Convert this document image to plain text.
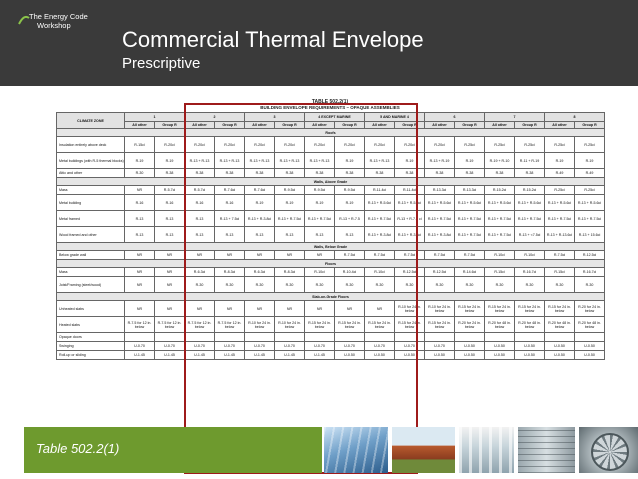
The Energy Code
Workshop
Commercial Thermal Envelope
Prescriptive
TABLE 502.2(1)
BUILDING ENVELOPE REQUIREMENTS – OPAQUE ASSEMBLIES
CLIMATE ZONE	1		2		3		4 EXCEPT MARINE		5 AND MARINE 4		6		7		8	
	All other	Group R	All other	Group R	All other	Group R	All other	Group R	All other	Group R	All other	Group R	All other	Group R	All other	Group R
Roofs																
Insulation entirely above deck	R-15ci	R-20ci	R-20ci	R-20ci	R-20ci	R-20ci	R-20ci	R-20ci	R-20ci	R-20ci	R-20ci	R-25ci	R-25ci	R-25ci	R-25ci	R-25ci
Metal buildings (with R-5 thermal blocks)	R-19	R-19	R-13 + R-13	R-13 + R-13	R-13 + R-13	R-13 + R-13	R-13 + R-13	R-19	R-13 + R-13	R-19	R-13 + R-19	R-19	R-19 + R-10	R-11 + R-19	R-19	R-19
Attic and other	R-30	R-38	R-38	R-38	R-38	R-38	R-38	R-38	R-38	R-38	R-38	R-38	R-38	R-38	R-49	R-49
Walls, Above Grade																
Mass	NR	R-5.7ci	R-5.7ci	R-7.6ci	R-7.6ci	R-9.5ci	R-9.5ci	R-9.5ci	R-11.4ci	R-11.4ci	R-13.3ci	R-13.3ci	R-15.2ci	R-15.2ci	R-25ci	R-25ci
Metal building	R-16	R-16	R-16	R-16	R-19	R-19	R-19	R-19	R-13 + R-5.6ci	R-13 + R-5.6ci	R-13 + R-5.6ci	R-13 + R-5.6ci	R-13 + R-5.6ci	R-13 + R-5.6ci	R-13 + R-5.6ci	R-13 + R-5.6ci
Metal framed	R-13	R-13	R-13	R-13 + 7.5ci	R-13 + R-3.8ci	R-13 + R-7.5ci	R-13 + R-7.5ci	R-13 + R-7.5	R-13 + R-7.5ci	R-13 + R-7.5 ci	R-13 + R-7.5ci	R-13 + R-7.5ci	R-13 + R-7.5ci	R-13 + R-7.5ci	R-13 + R-7.5ci	R-13 + R-7.5ci
Wood framed and other	R-13	R-13	R-13	R-13	R-13	R-13	R-13	R-13	R-13 + R-3.8ci	R-13 + R-3.8ci	R-13 + R-3.8ci	R-13 + R-7.5ci	R-13 + R-7.5ci	R-13 + <7.5ci	R-13 + R-13.6ci	R-13 + 15.6ci
Walls, Below Grade																
Below grade wall	NR	NR	NR	NR	NR	NR	NR	R-7.5ci	R-7.5ci	R-7.5ci	R-7.5ci	R-7.5ci	R-10ci	R-10ci	R-7.5ci	R-12.5ci
Floors																
Mass	NR	NR	R-6.3ci	R-8.3ci	R-6.3ci	R-8.3ci	R-10ci	R-10.4ci	R-10ci	R-12.5ci	R-12.5ci	R-14.6ci	R-15ci	R-16.7ci	R-15ci	R-16.7ci
Joist/Framing (steel/wood)	NR	NR	R-30	R-30	R-30	R-30	R-30	R-30	R-30	R-30	R-30	R-30	R-30	R-30	R-30	R-30
Slab-on-Grade Floors																
Unheated slabs	NR	NR	NR	NR	NR	NR	NR	NR	NR	R-10 for 24 in. below	R-10 for 24 in. below	R-15 for 24 in. below	R-15 for 24 in. below	R-15 for 24 in. below	R-15 for 24 in. below	R-20 for 24 in. below
Heated slabs	R-7.5 for 12 in. below	R-7.5 for 12 in. below	R-7.5 for 12 in. below	R-7.5 for 12 in. below	R-10 for 24 in. below	R-10 for 24 in. below	R-15 for 24 in. below	R-15 for 24 in. below	R-15 for 24 in. below	R-15 for 24 in. below	R-15 for 24 in. below	R-20 for 24 in. below	R-20 for 48 in. below	R-20 for 48 in. below	R-20 for 48 in. below	R-20 for 48 in. below
Opaque doors																
Swinging	U-0.70	U-0.70	U-0.70	U-0.70	U-0.70	U-0.70	U-0.70	U-0.70	U-0.70	U-0.70	U-0.70	U-0.50	U-0.50	U-0.50	U-0.50	U-0.50
Roll-up or sliding	U-1.45	U-1.45	U-1.45	U-1.45	U-1.45	U-1.45	U-1.45	U-0.50	U-0.50	U-0.50	U-0.50	U-0.50	U-0.50	U-0.50	U-0.50	U-0.50
Table 502.2(1)
